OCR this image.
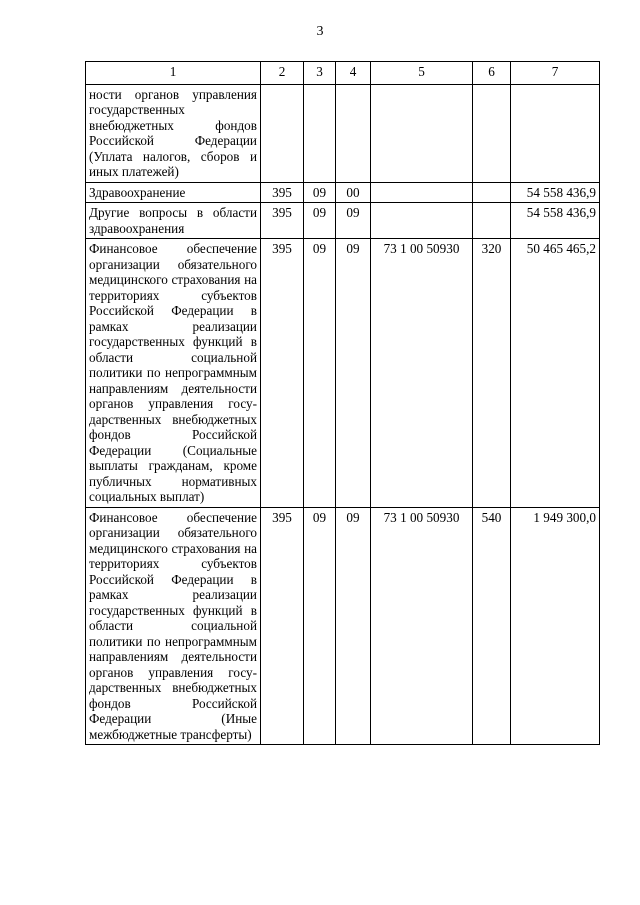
3
1	2	3	4	5	6	7
ности органов управления государственных внебюджетных фондов Российской Федерации (Уплата налогов, сборов и иных платежей)						
Здравоохранение	395	09	00			54 558 436,9
Другие вопросы в области здравоохранения	395	09	09			54 558 436,9
Финансовое обеспечение организации обязательного медицинского страхования на территориях субъектов Российской Федерации в рамках реализации государственных функций в области социальной политики по непрограммным направлениям деятельности органов управления государственных внебюджетных фондов Российской Федерации (Социальные выплаты гражданам, кроме публичных нормативных социальных выплат)	395	09	09	73 1 00 50930	320	50 465 465,2
Финансовое обеспечение организации обязательного медицинского страхования на территориях субъектов Российской Федерации в рамках реализации государственных функций в области социальной политики по непрограммным направлениям деятельности органов управления государственных внебюджетных фондов Российской Федерации (Иные межбюджетные трансферты)	395	09	09	73 1 00 50930	540	1 949 300,0
